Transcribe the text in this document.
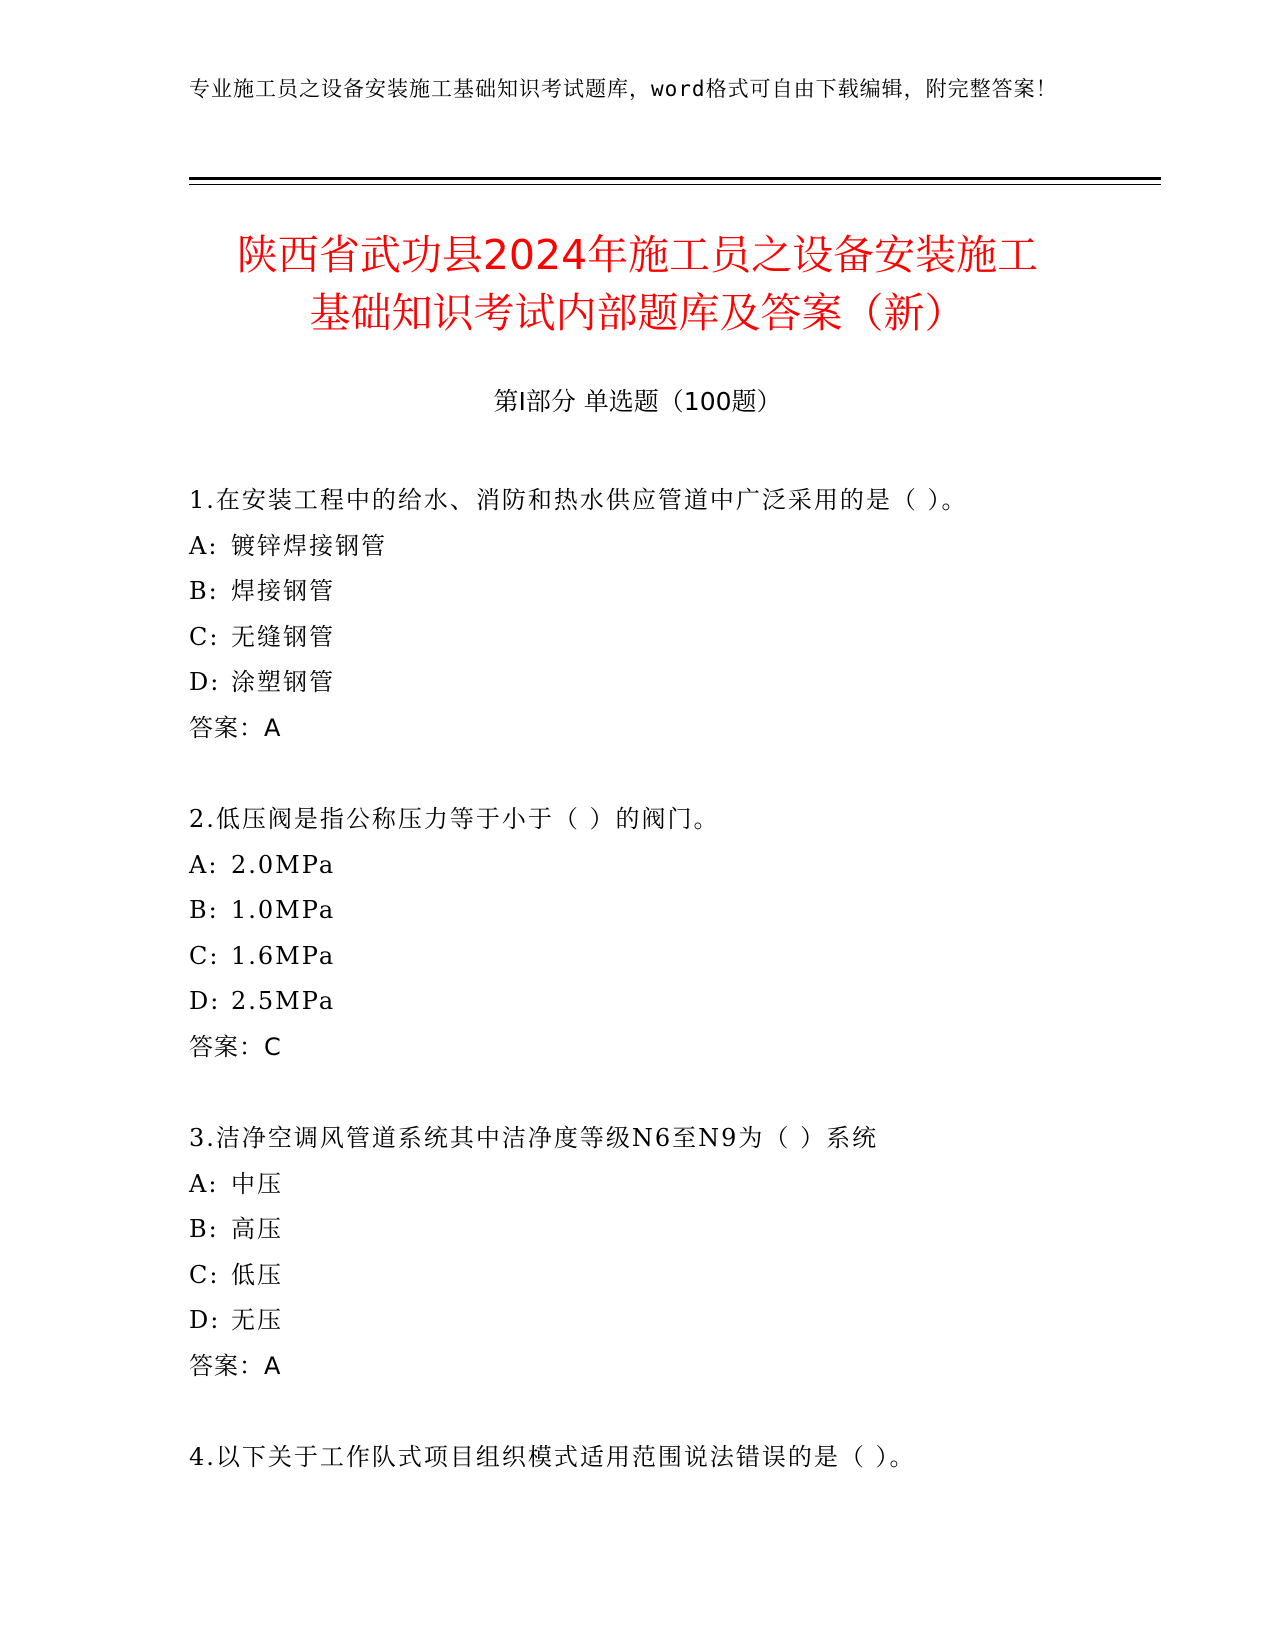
专业施工员之设备安装施工基础知识考试题库，word格式可自由下载编辑，附完整答案！
陕西省武功县2024年施工员之设备安装施工
基础知识考试内部题库及答案（新）
第Ⅰ部分 单选题（100题）
1.在安装工程中的给水、消防和热水供应管道中广泛采用的是（ ）。
A: 镀锌焊接钢管
B: 焊接钢管
C: 无缝钢管
D: 涂塑钢管
答案：A
2.低压阀是指公称压力等于小于（ ）的阀门。
A: 2.0MPa
B: 1.0MPa
C: 1.6MPa
D: 2.5MPa
答案：C
3.洁净空调风管道系统其中洁净度等级N6至N9为（ ）系统
A: 中压
B: 高压
C: 低压
D: 无压
答案：A
4.以下关于工作队式项目组织模式适用范围说法错误的是（ ）。
